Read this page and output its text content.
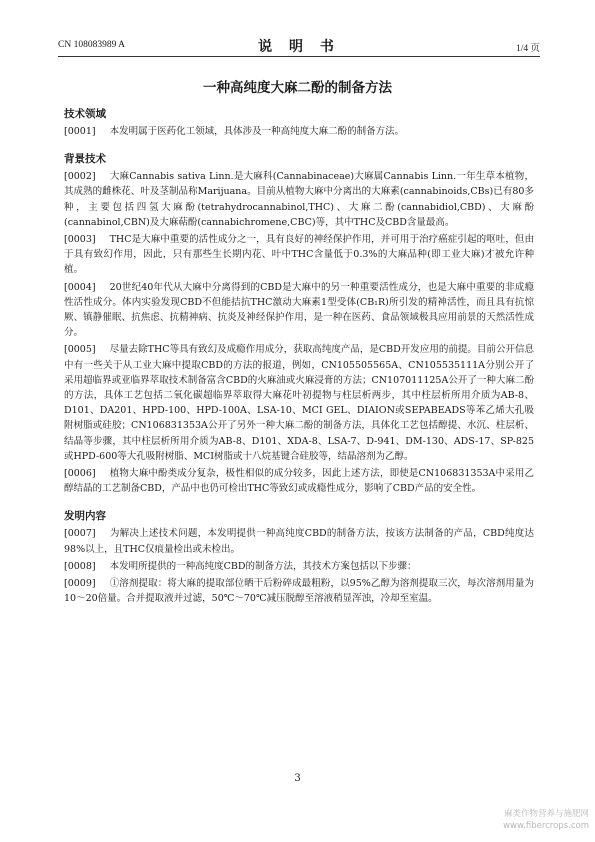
CN 108083989 A	说 明 书	1/4 页
一种高纯度大麻二酚的制备方法
技术领域
[0001] 本发明属于医药化工领域，具体涉及一种高纯度大麻二酚的制备方法。
背景技术
[0002] 大麻Cannabis sativa Linn.是大麻科(Cannabinaceae)大麻属Cannabis Linn.一年生草本植物，其成熟的雌株花、叶及茎制品称Marijuana。目前从植物大麻中分离出的大麻素(cannabinoids,CBs)已有80多种，主要包括四氢大麻酚(tetrahydrocannabinol,THC)、大麻二酚(cannabidiol,CBD)、大麻酚(cannabinol,CBN)及大麻萜酚(cannabichromene,CBC)等，其中THC及CBD含量最高。
[0003] THC是大麻中重要的活性成分之一，具有良好的神经保护作用，并可用于治疗癌症引起的呕吐，但由于具有致幻作用，因此，只有那些生长期内花、叶中THC含量低于0.3%的大麻品种(即工业大麻)才被允许种植。
[0004] 20世纪40年代从大麻中分离得到的CBD是大麻中的另一种重要活性成分，也是大麻中重要的非成瘾性活性成分。体内实验发现CBD不但能拮抗THC激动大麻素1型受体(CB₁R)所引发的精神活性，而且具有抗惊厥、镇静催眠、抗焦虑、抗精神病、抗炎及神经保护作用，是一种在医药、食品领域极具应用前景的天然活性成分。
[0005] 尽量去除THC等具有致幻及成瘾作用成分，获取高纯度产品，是CBD开发应用的前提。目前公开信息中有一些关于从工业大麻中提取CBD的方法的报道，例如，CN105505565A、CN105535111A分别公开了采用超临界或亚临界萃取技术制备富含CBD的火麻油或火麻浸膏的方法；CN107011125A公开了一种大麻二酚的方法，具体工艺包括二氧化碳超临界萃取得大麻花叶初提物与柱层析两步，其中柱层析所用介质为AB-8、D101、DA201、HPD-100、HPD-100A、LSA-10、MCI GEL、DIAION或SEPABEADS等苯乙烯大孔吸附树脂或硅胶；CN106831353A公开了另外一种大麻二酚的制备方法，具体化工艺包括醇提、水沉、柱层析、结晶等步骤，其中柱层析所用介质为AB-8、D101、XDA-8、LSA-7、D-941、DM-130、ADS-17、SP-825或HPD-600等大孔吸附树脂、MCI树脂或十八烷基键合硅胶等，结晶溶剂为乙醇。
[0006] 植物大麻中酚类成分复杂，极性相似的成分较多，因此上述方法，即使是CN106831353A中采用乙醇结晶的工艺制备CBD，产品中也仍可检出THC等致幻或成瘾性成分，影响了CBD产品的安全性。
发明内容
[0007] 为解决上述技术问题，本发明提供一种高纯度CBD的制备方法，按该方法制备的产品，CBD纯度达98%以上，且THC仅痕量检出或未检出。
[0008] 本发明所提供的一种高纯度CBD的制备方法，其技术方案包括以下步骤：
[0009] ①溶剂提取：将大麻的提取部位晒干后粉碎成最粗粉，以95%乙醇为溶剂提取三次，每次溶剂用量为10～20倍量。合并提取液并过滤，50℃～70℃减压脱醇至溶液稍显浑浊，冷却至室温。
3
麻类作物营养与施肥网
www.fibercrops.com
